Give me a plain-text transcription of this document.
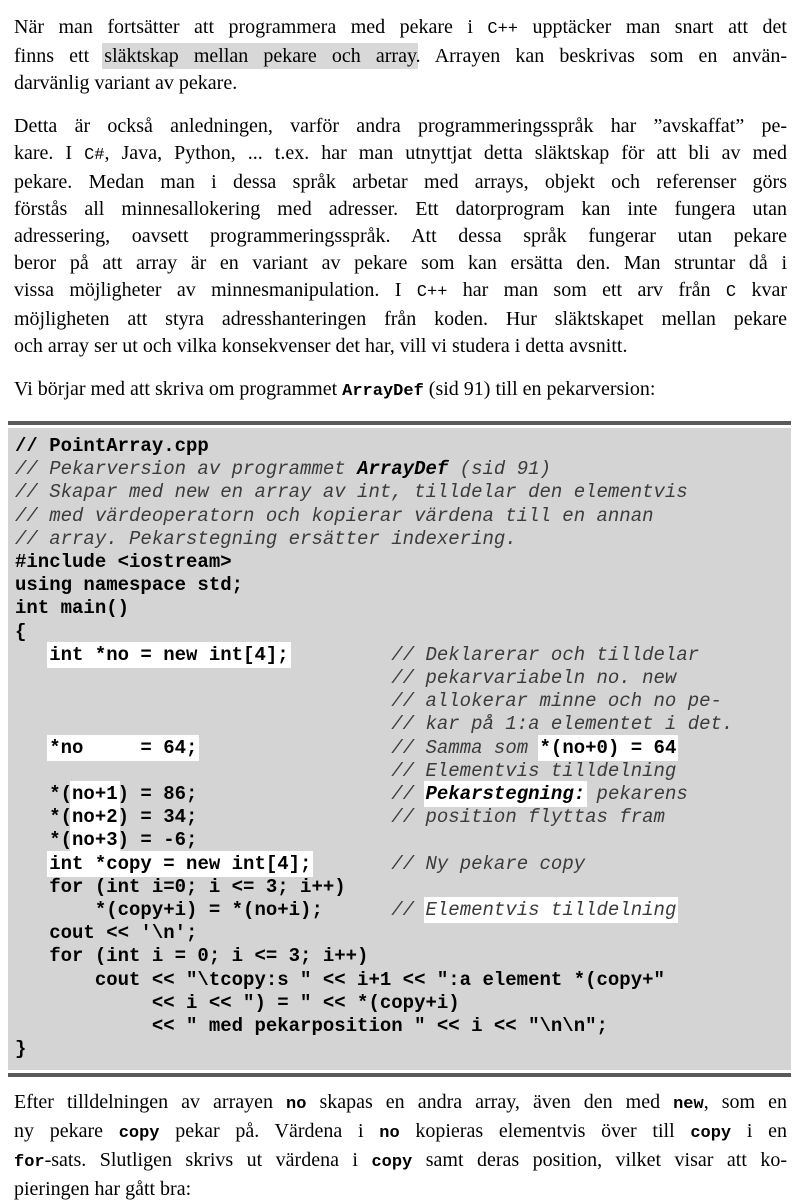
När man fortsätter att programmera med pekare i C++ upptäcker man snart att det
finns ett släktskap mellan pekare och array. Arrayen kan beskrivas som en använ-
darvänlig variant av pekare.
Detta är också anledningen, varför andra programmeringsspråk har ”avskaffat” pe-
kare. I C#, Java, Python, ... t.ex. har man utnyttjat detta släktskap för att bli av med
pekare. Medan man i dessa språk arbetar med arrays, objekt och referenser görs
förstås all minnesallokering med adresser. Ett datorprogram kan inte fungera utan
adressering, oavsett programmeringsspråk. Att dessa språk fungerar utan pekare
beror på att array är en variant av pekare som kan ersätta den. Man struntar då i
vissa möjligheter av minnesmanipulation. I C++ har man som ett arv från C kvar
möjligheten att styra adresshanteringen från koden. Hur släktskapet mellan pekare
och array ser ut och vilka konsekvenser det har, vill vi studera i detta avsnitt.
Vi börjar med att skriva om programmet ArrayDef (sid 91) till en pekarversion:
// PointArray.cpp
// Pekarversion av programmet ArrayDef (sid 91)
// Skapar med new en array av int, tilldelar den elementvis
// med värdeoperatorn och kopierar värdena till en annan
// array. Pekarstegning ersätter indexering.
#include <iostream>
using namespace std;
int main()
{
int *no = new int[4];	// Deklarerar och tilldelar
// pekarvariabeln no. new
// allokerar minne och no pe-
// kar på 1:a elementet i det.
*no     = 64;	// Samma som *(no+0) = 64
// Elementvis tilldelning
*(no+1) = 86;	// Pekarstegning: pekarens
*(no+2) = 34;	// position flyttas fram
*(no+3) = -6;
int *copy = new int[4];	// Ny pekare copy
for (int i=0; i <= 3; i++)
*(copy+i) = *(no+i);	// Elementvis tilldelning
cout << '\n';
for (int i = 0; i <= 3; i++)
cout << "\tcopy:s " << i+1 << ":a element *(copy+"
<< i << ") = " << *(copy+i)
<< " med pekarposition " << i << "\n\n";
}
Efter tilldelningen av arrayen no skapas en andra array, även den med new, som en
ny pekare copy pekar på. Värdena i no kopieras elementvis över till copy i en
for-sats. Slutligen skrivs ut värdena i copy samt deras position, vilket visar att ko-
pieringen har gått bra:
